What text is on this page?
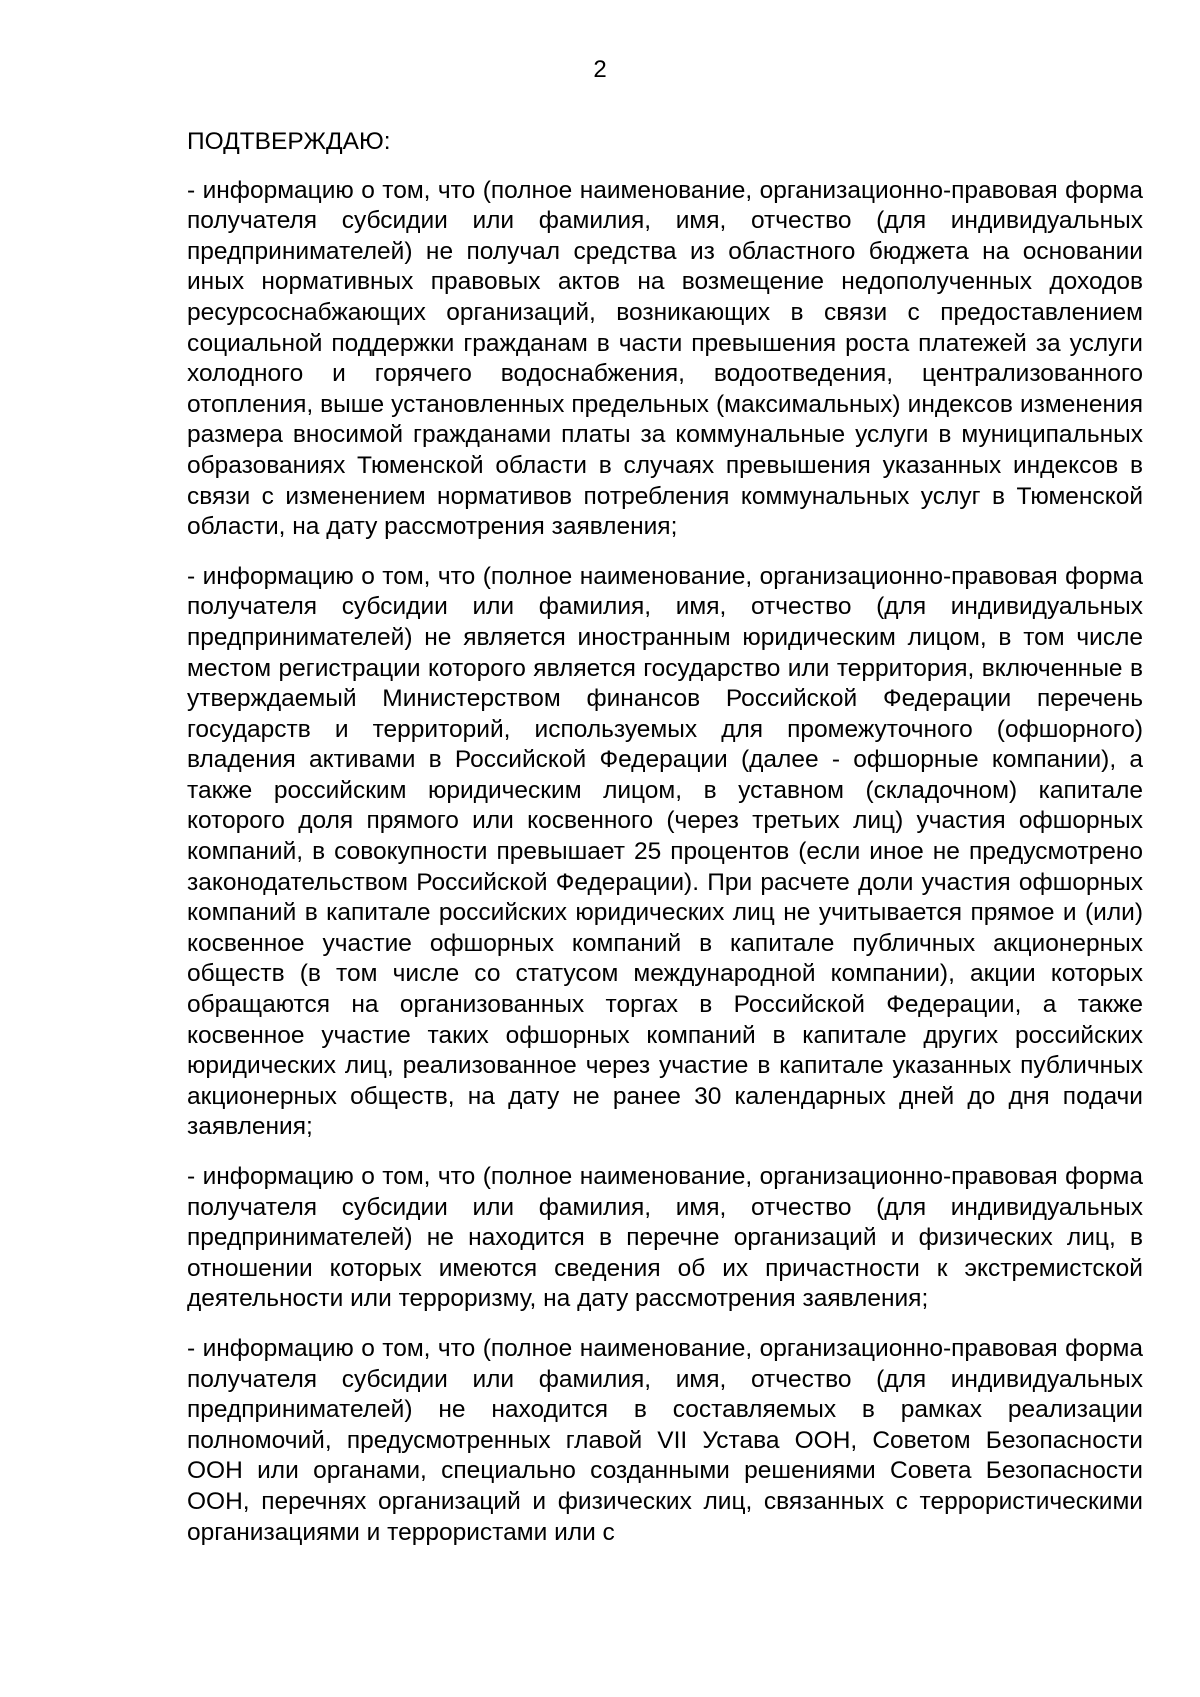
2
ПОДТВЕРЖДАЮ:

- информацию о том, что (полное наименование, организационно-правовая форма получателя субсидии или фамилия, имя, отчество (для индивидуальных предпринимателей) не получал средства из областного бюджета на основании иных нормативных правовых актов на возмещение недополученных доходов ресурсоснабжающих организаций, возникающих в связи с предоставлением социальной поддержки гражданам в части превышения роста платежей за услуги холодного и горячего водоснабжения, водоотведения, централизованного отопления, выше установленных предельных (максимальных) индексов изменения размера вносимой гражданами платы за коммунальные услуги в муниципальных образованиях Тюменской области в случаях превышения указанных индексов в связи с изменением нормативов потребления коммунальных услуг в Тюменской области, на дату рассмотрения заявления;

- информацию о том, что (полное наименование, организационно-правовая форма получателя субсидии или фамилия, имя, отчество (для индивидуальных предпринимателей) не является иностранным юридическим лицом, в том числе местом регистрации которого является государство или территория, включенные в утверждаемый Министерством финансов Российской Федерации перечень государств и территорий, используемых для промежуточного (офшорного) владения активами в Российской Федерации (далее - офшорные компании), а также российским юридическим лицом, в уставном (складочном) капитале которого доля прямого или косвенного (через третьих лиц) участия офшорных компаний, в совокупности превышает 25 процентов (если иное не предусмотрено законодательством Российской Федерации). При расчете доли участия офшорных компаний в капитале российских юридических лиц не учитывается прямое и (или) косвенное участие офшорных компаний в капитале публичных акционерных обществ (в том числе со статусом международной компании), акции которых обращаются на организованных торгах в Российской Федерации, а также косвенное участие таких офшорных компаний в капитале других российских юридических лиц, реализованное через участие в капитале указанных публичных акционерных обществ, на дату не ранее 30 календарных дней до дня подачи заявления;

- информацию о том, что (полное наименование, организационно-правовая форма получателя субсидии или фамилия, имя, отчество (для индивидуальных предпринимателей) не находится в перечне организаций и физических лиц, в отношении которых имеются сведения об их причастности к экстремистской деятельности или терроризму, на дату рассмотрения заявления;

- информацию о том, что (полное наименование, организационно-правовая форма получателя субсидии или фамилия, имя, отчество (для индивидуальных предпринимателей) не находится в составляемых в рамках реализации полномочий, предусмотренных главой VII Устава ООН, Советом Безопасности ООН или органами, специально созданными решениями Совета Безопасности ООН, перечнях организаций и физических лиц, связанных с террористическими организациями и террористами или с
